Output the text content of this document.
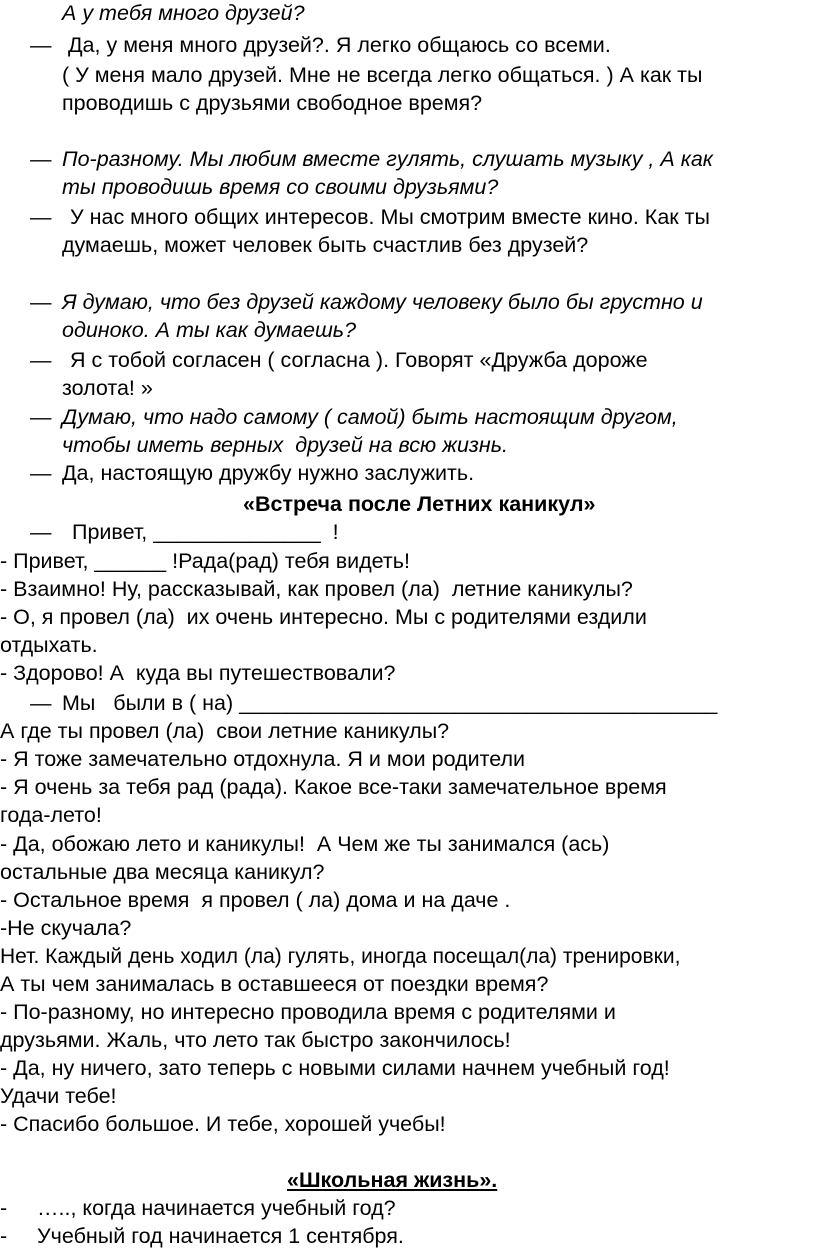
А у тебя много друзей?
— Да, у меня много друзей?. Я легко общаюсь со всеми.
( У меня мало друзей. Мне не всегда легко общаться. ) А как ты
проводишь с друзьями свободное время?
— По-разному. Мы любим вместе гулять, слушать музыку , А как
ты проводишь время со своими друзьями?
— У нас много общих интересов. Мы смотрим вместе кино. Как ты
думаешь, может человек быть счастлив без друзей?
— Я думаю, что без друзей каждому человеку было бы грустно и
одиноко. А ты как думаешь?
— Я с тобой согласен ( согласна ). Говорят «Дружба дороже
золота! »
— Думаю, что надо самому ( самой) быть настоящим другом,
чтобы иметь верных  друзей на всю жизнь.
— Да, настоящую дружбу нужно заслужить.
«Встреча после Летних каникул»
— Привет, ______________  !
- Привет, ______ !Рада(рад) тебя видеть!
- Взаимно! Ну, рассказывай, как провел (ла)  летние каникулы?
- О, я провел (ла)  их очень интересно. Мы с родителями ездили
отдыхать.
- Здорово! А  куда вы путешествовали?
— Мы   были в ( на) ________________________________________
А где ты провел (ла)  свои летние каникулы?
- Я тоже замечательно отдохнула. Я и мои родители
- Я очень за тебя рад (рада). Какое все-таки замечательное время
года-лето!
- Да, обожаю лето и каникулы!  А Чем же ты занимался (ась)
остальные два месяца каникул?
- Остальное время  я провел ( ла) дома и на даче .
-Не скучала?
Нет. Каждый день ходил (ла) гулять, иногда посещал(ла) тренировки,
А ты чем занималась в оставшееся от поездки время?
- По-разному, но интересно проводила время с родителями и
друзьями. Жаль, что лето так быстро закончилось!
- Да, ну ничего, зато теперь с новыми силами начнем учебный год!
Удачи тебе!
- Спасибо большое. И тебе, хорошей учебы!
«Школьная жизнь».
-     ….., когда начинается учебный год?
-     Учебный год начинается 1 сентября.
